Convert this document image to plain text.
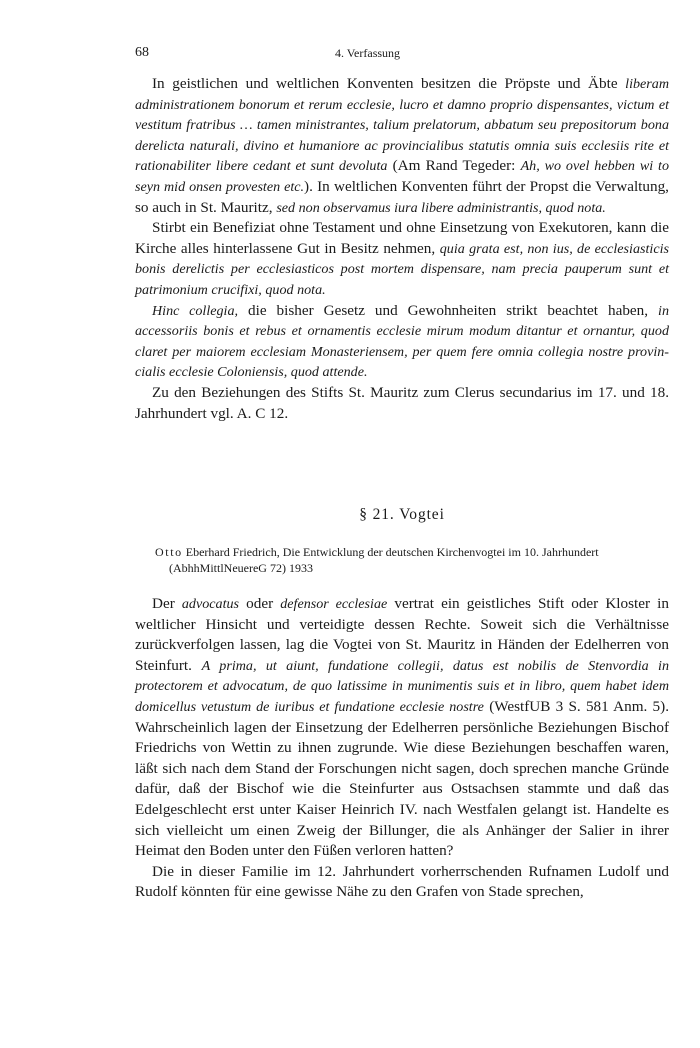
68	4. Verfassung

In geistlichen und weltlichen Konventen besitzen die Pröpste und Äbte liberam administrationem bonorum et rerum ecclesie, lucro et damno proprio dispensantes, victum et vestitum fratribus … tamen ministrantes, talium prelatorum, abbatum seu prepositorum bona derelicta naturali, divino et humaniore ac provincialibus statutis omnia suis ecclesiis rite et rationabiliter libere cedant et sunt devoluta (Am Rand Tegeder: Ah, wo ovel hebben wi to seyn mid onsen provesten etc.). In weltlichen Konventen führt der Propst die Verwaltung, so auch in St. Mauritz, sed non observamus iura libere administrantis, quod nota.

Stirbt ein Benefiziat ohne Testament und ohne Einsetzung von Exekutoren, kann die Kirche alles hinterlassene Gut in Besitz nehmen, quia grata est, non ius, de ecclesiasticis bonis derelictis per ecclesiasticos post mortem dispensare, nam precia pauperum sunt et patrimonium crucifixi, quod nota.

Hinc collegia, die bisher Gesetz und Gewohnheiten strikt beachtet haben, in accessoriis bonis et rebus et ornamentis ecclesie mirum modum ditantur et ornantur, quod claret per maiorem ecclesiam Monasteriensem, per quem fere omnia collegia nostre provincialis ecclesie Coloniensis, quod attende.

Zu den Beziehungen des Stifts St. Mauritz zum Clerus secundarius im 17. und 18. Jahrhundert vgl. A. C 12.

§ 21. Vogtei
Otto Eberhard Friedrich, Die Entwicklung der deutschen Kirchenvogtei im 10. Jahrhundert
(AbhhMittlNeuereG 72) 1933

Der advocatus oder defensor ecclesiae vertrat ein geistliches Stift oder Kloster in weltlicher Hinsicht und verteidigte dessen Rechte. Soweit sich die Verhältnisse zurückverfolgen lassen, lag die Vogtei von St. Mauritz in Händen der Edelherren von Steinfurt. A prima, ut aiunt, fundatione collegii, datus est nobilis de Stenvordia in protectorem et advocatum, de quo latissime in munimentis suis et in libro, quem habet idem domicellus vetustum de iuribus et fundatione ecclesie nostre (WestfUB 3 S. 581 Anm. 5). Wahrscheinlich lagen der Einsetzung der Edelherren persönliche Beziehungen Bischof Friedrichs von Wettin zu ihnen zugrunde. Wie diese Beziehungen beschaffen waren, läßt sich nach dem Stand der Forschungen nicht sagen, doch sprechen manche Gründe dafür, daß der Bischof wie die Steinfurter aus Ostsachsen stammte und daß das Edelgeschlecht erst unter Kaiser Heinrich IV. nach Westfalen gelangt ist. Handelte es sich vielleicht um einen Zweig der Billunger, die als Anhänger der Salier in ihrer Heimat den Boden unter den Füßen verloren hatten?

Die in dieser Familie im 12. Jahrhundert vorherrschenden Rufnamen Ludolf und Rudolf könnten für eine gewisse Nähe zu den Grafen von Stade sprechen,
